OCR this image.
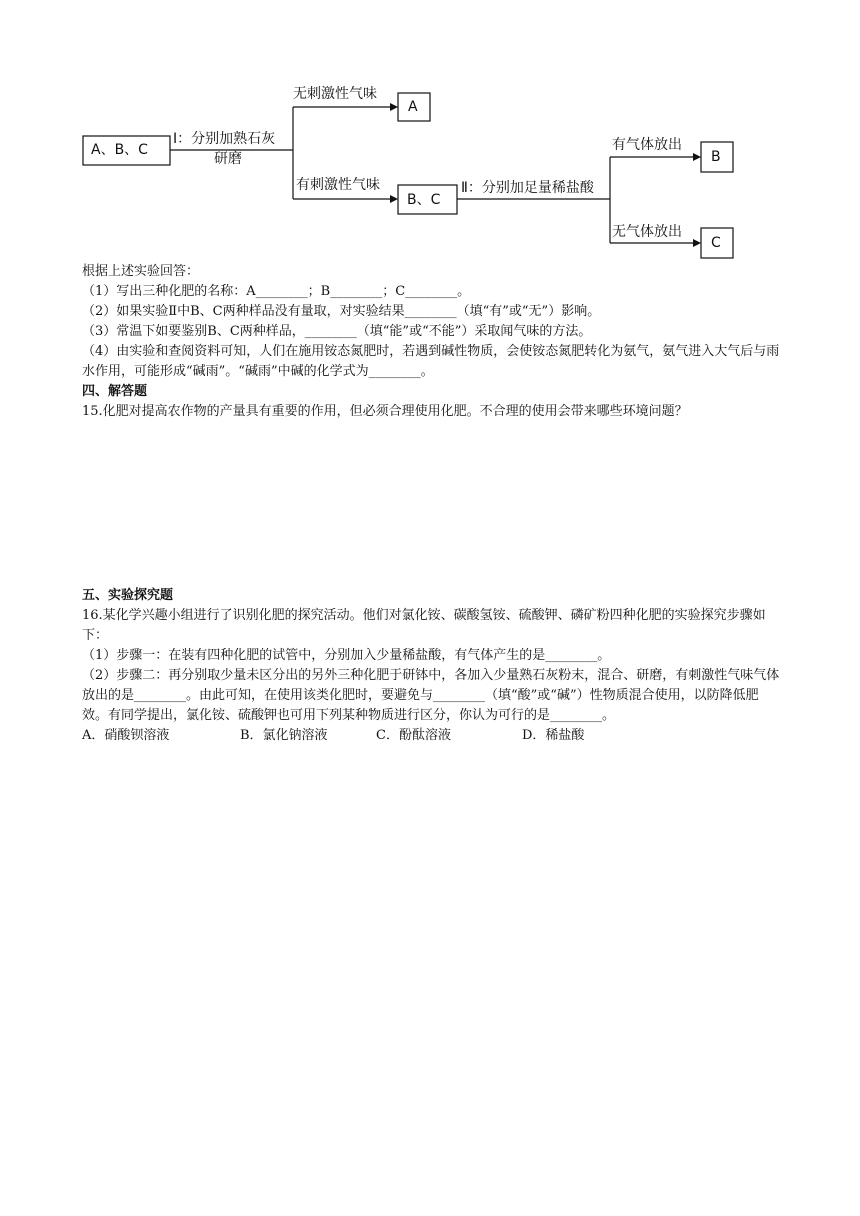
A、B、C
Ⅰ：分别加熟石灰
研磨
无刺激性气味
A
有刺激性气味
B、C
Ⅱ：分别加足量稀盐酸
有气体放出
B
无气体放出
C

根据上述实验回答：

（1）写出三种化肥的名称：A________；B________；C________。

（2）如果实验Ⅱ中B、C两种样品没有量取，对实验结果________（填“有”或“无”）影响。

（3）常温下如要鉴别B、C两种样品，________（填“能”或“不能”）采取闻气味的方法。

（4）由实验和查阅资料可知，人们在施用铵态氮肥时，若遇到碱性物质，会使铵态氮肥转化为氨气，氨气进入大气后与雨水作用，可能形成“碱雨”。“碱雨”中碱的化学式为________。

四、解答题

15.化肥对提高农作物的产量具有重要的作用，但必须合理使用化肥。不合理的使用会带来哪些环境问题？

五、实验探究题

16.某化学兴趣小组进行了识别化肥的探究活动。他们对氯化铵、碳酸氢铵、硫酸钾、磷矿粉四种化肥的实验探究步骤如下：

（1）步骤一：在装有四种化肥的试管中，分别加入少量稀盐酸，有气体产生的是________。

（2）步骤二：再分别取少量未区分出的另外三种化肥于研钵中，各加入少量熟石灰粉末，混合、研磨，有刺激性气味气体放出的是________。由此可知，在使用该类化肥时，要避免与________（填“酸”或“碱”）性物质混合使用，以防降低肥效。有同学提出，氯化铵、硫酸钾也可用下列某种物质进行区分，你认为可行的是________。

A．硝酸钡溶液	B．氯化钠溶液	C．酚酞溶液	D．稀盐酸
